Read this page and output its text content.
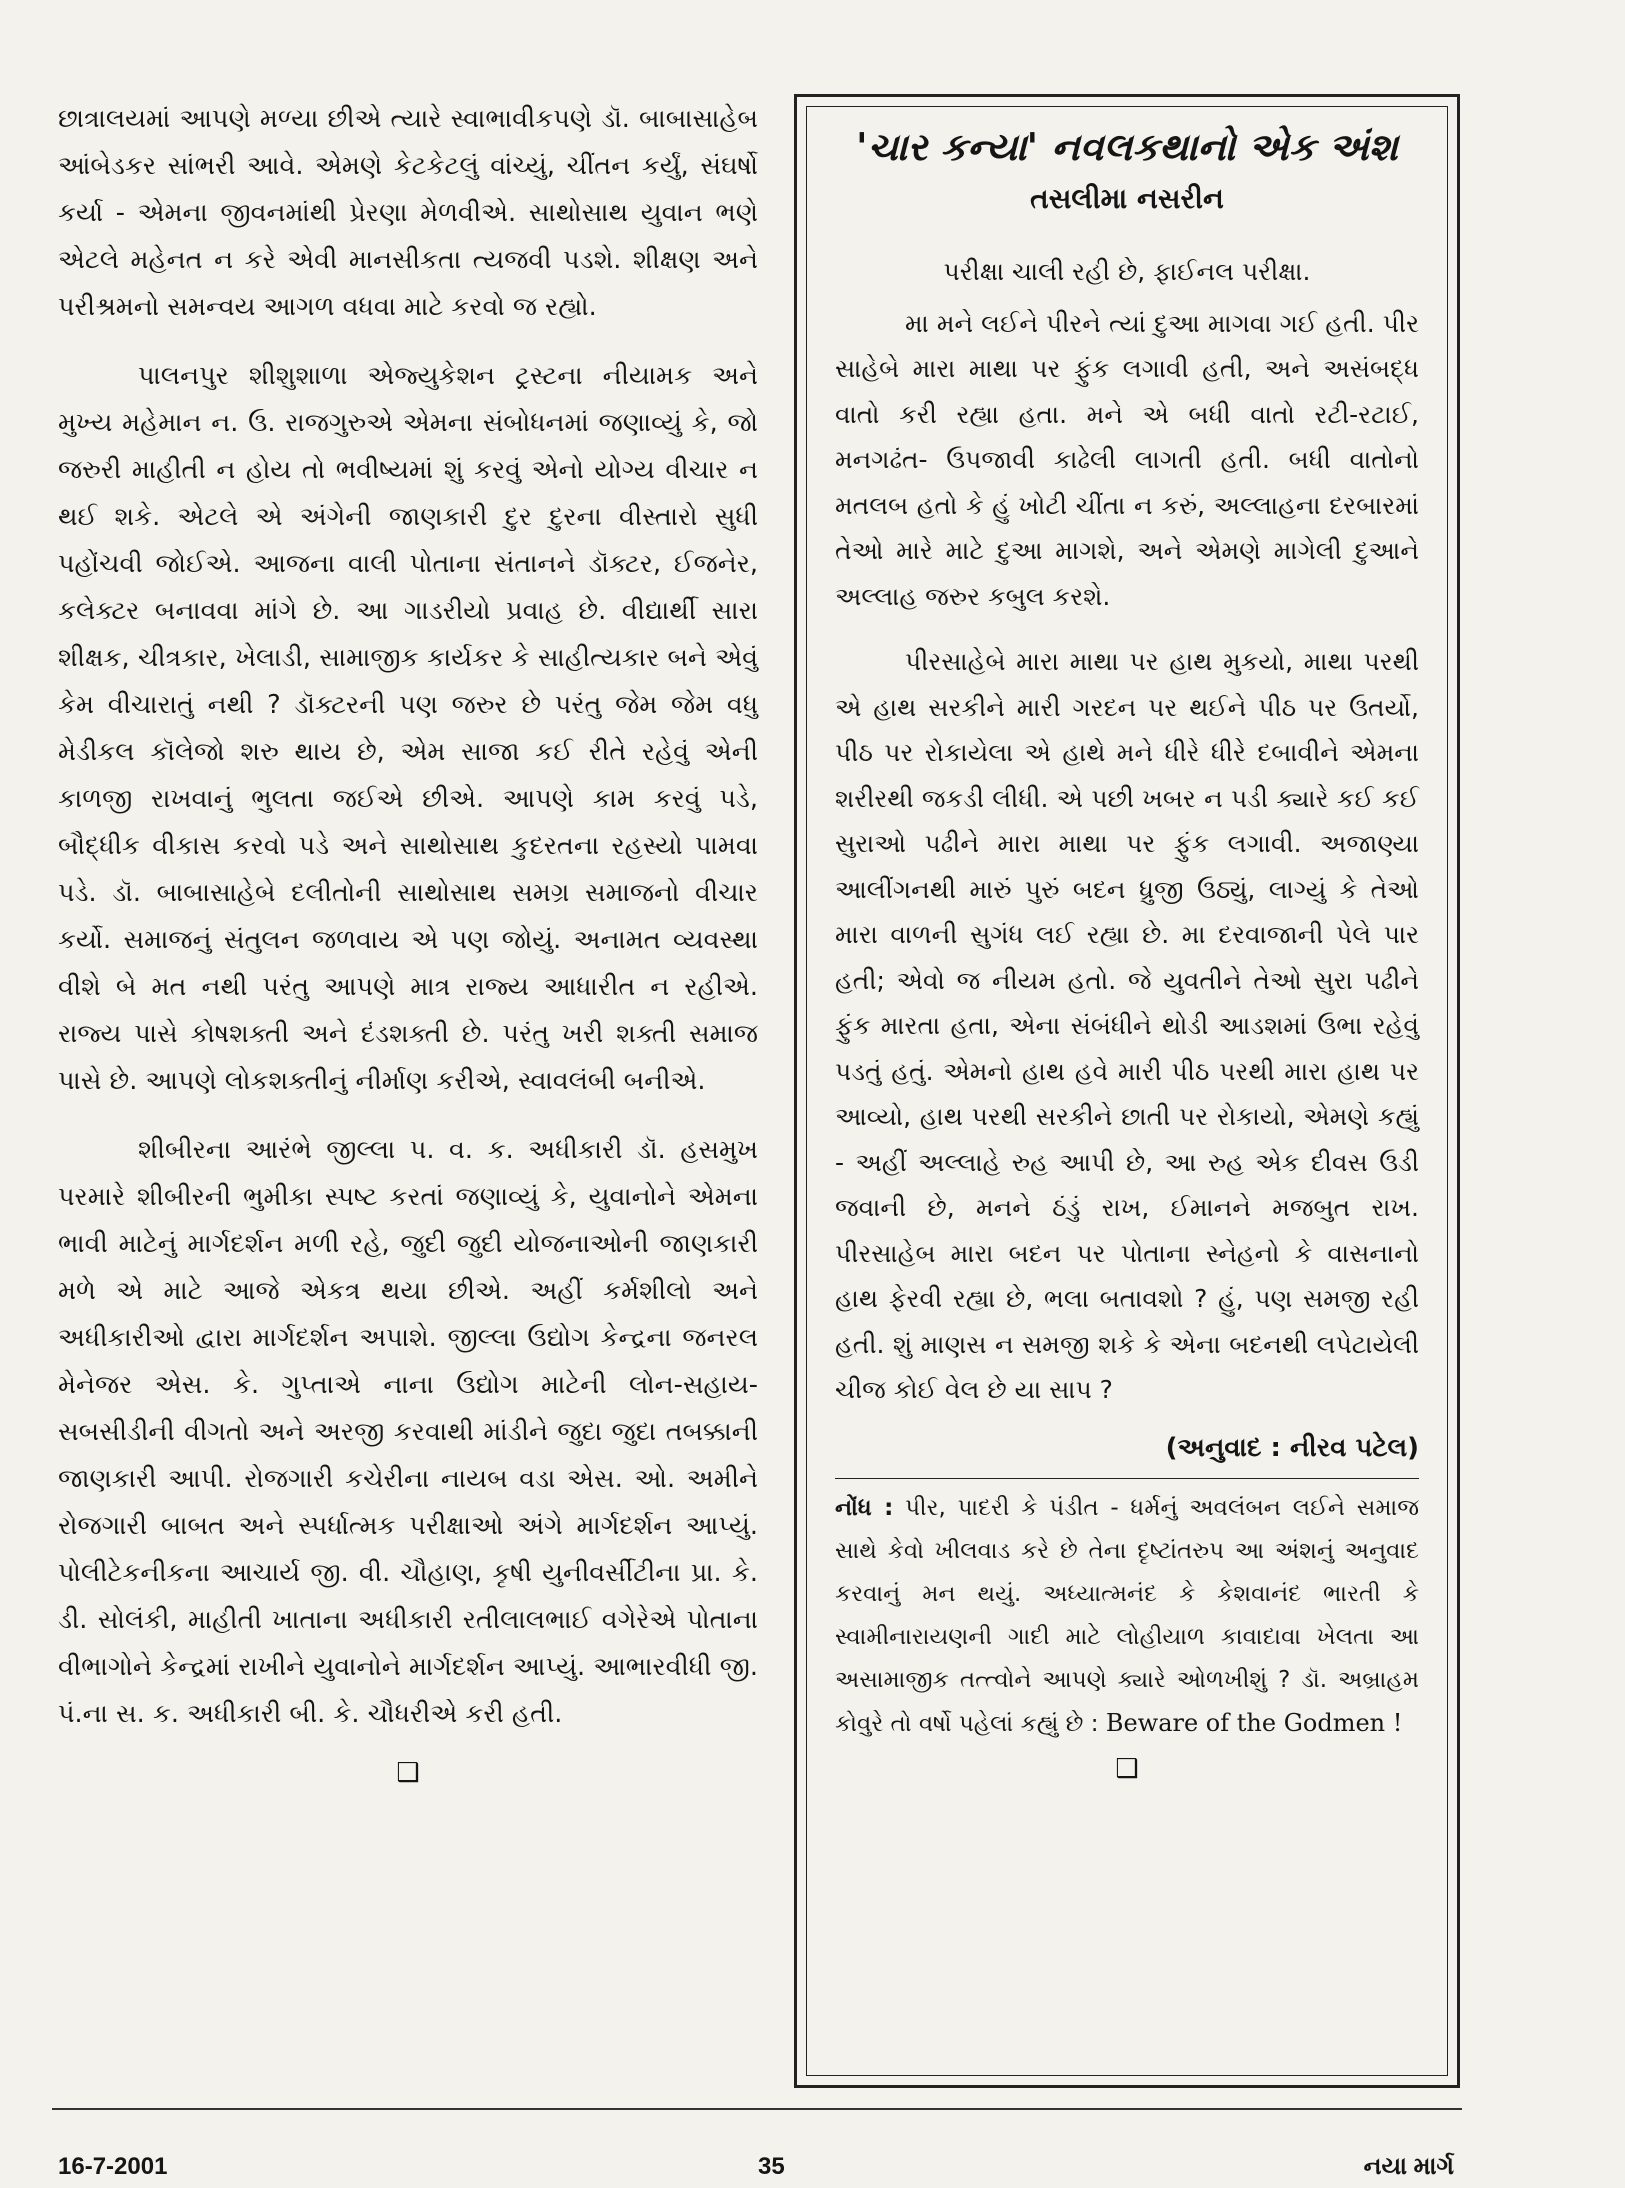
છાત્રાલયમાં આપણે મળ્યા છીએ ત્યારે સ્વાભાવીકપણે ડૉ. બાબાસાહેબ આંબેડકર સાંભરી આવે. એમણે કેટકેટલું વાંચ્યું, ચીંતન કર્યું, સંઘર્ષો કર્યા - એમના જીવનમાંથી પ્રેરણા મેળવીએ. સાથોસાથ યુવાન ભણે એટલે મહેનત ન કરે એવી માનસીકતા ત્યજવી પડશે. શીક્ષણ અને પરીશ્રમનો સમન્વય આગળ વધવા માટે કરવો જ રહ્યો.

પાલનપુર શીશુશાળા એજ્યુકેશન ટ્રસ્ટના નીયામક અને મુખ્ય મહેમાન ન. ઉ. રાજગુરુએ એમના સંબોધનમાં જણાવ્યું કે, જો જરુરી માહીતી ન હોય તો ભવીષ્યમાં શું કરવું એનો યોગ્ય વીચાર ન થઈ શકે. એટલે એ અંગેની જાણકારી દુર દુરના વીસ્તારો સુધી પહોંચવી જોઈએ. આજના વાલી પોતાના સંતાનને ડૉક્ટર, ઈજનેર, કલેક્ટર બનાવવા માંગે છે. આ ગાડરીયો પ્રવાહ છે. વીદ્યાર્થી સારા શીક્ષક, ચીત્રકાર, ખેલાડી, સામાજીક કાર્યકર કે સાહીત્યકાર બને એવું કેમ વીચારાતું નથી ? ડૉક્ટરની પણ જરુર છે પરંતુ જેમ જેમ વધુ મેડીકલ કૉલેજો શરુ થાય છે, એમ સાજા કઈ રીતે રહેવું એની કાળજી રાખવાનું ભુલતા જઈએ છીએ. આપણે કામ કરવું પડે, બૌદ્ધીક વીકાસ કરવો પડે અને સાથોસાથ કુદરતના રહસ્યો પામવા પડે. ડૉ. બાબાસાહેબે દલીતોની સાથોસાથ સમગ્ર સમાજનો વીચાર કર્યો. સમાજનું સંતુલન જળવાય એ પણ જોયું. અનામત વ્યવસ્થા વીશે બે મત નથી પરંતુ આપણે માત્ર રાજ્ય આધારીત ન રહીએ. રાજ્ય પાસે કોષશક્તી અને દંડશક્તી છે. પરંતુ ખરી શક્તી સમાજ પાસે છે. આપણે લોકશક્તીનું નીર્માણ કરીએ, સ્વાવલંબી બનીએ.

શીબીરના આરંભે જીલ્લા પ. વ. ક. અધીકારી ડૉ. હસમુખ પરમારે શીબીરની ભુમીકા સ્પષ્ટ કરતાં જણાવ્યું કે, યુવાનોને એમના ભાવી માટેનું માર્ગદર્શન મળી રહે, જુદી જુદી યોજનાઓની જાણકારી મળે એ માટે આજે એકત્ર થયા છીએ. અહીં કર્મશીલો અને અધીકારીઓ દ્વારા માર્ગદર્શન અપાશે. જીલ્લા ઉદ્યોગ કેન્દ્રના જનરલ મેનેજર એસ. કે. ગુપ્તાએ નાના ઉદ્યોગ માટેની લોન-સહાય-સબસીડીની વીગતો અને અરજી કરવાથી માંડીને જુદા જુદા તબક્કાની જાણકારી આપી. રોજગારી કચેરીના નાયબ વડા એસ. ઓ. અમીને રોજગારી બાબત અને સ્પર્ધાત્મક પરીક્ષાઓ અંગે માર્ગદર્શન આપ્યું. પોલીટેકનીકના આચાર્ય જી. વી. ચૌહાણ, કૃષી યુનીવર્સીટીના પ્રા. કે. ડી. સોલંકી, માહીતી ખાતાના અધીકારી રતીલાલભાઈ વગેરેએ પોતાના વીભાગોને કેન્દ્રમાં રાખીને યુવાનોને માર્ગદર્શન આપ્યું. આભારવીધી જી. પં.ના સ. ક. અધીકારી બી. કે. ચૌધરીએ કરી હતી.

❑
'ચાર કન્યા' નવલકથાનો એક અંશ
તસલીમા નસરીન

પરીક્ષા ચાલી રહી છે, ફાઈનલ પરીક્ષા.

મા મને લઈને પીરને ત્યાં દુઆ માગવા ગઈ હતી. પીર સાહેબે મારા માથા પર ફુંક લગાવી હતી, અને અસંબદ્ધ વાતો કરી રહ્યા હતા. મને એ બધી વાતો રટી-રટાઈ, મનગઢંત- ઉપજાવી કાઢેલી લાગતી હતી. બધી વાતોનો મતલબ હતો કે હું ખોટી ચીંતા ન કરું, અલ્લાહના દરબારમાં તેઓ મારે માટે દુઆ માગશે, અને એમણે માગેલી દુઆને અલ્લાહ જરુર કબુલ કરશે.

પીરસાહેબે મારા માથા પર હાથ મુકયો, માથા પરથી એ હાથ સરકીને મારી ગરદન પર થઈને પીઠ પર ઉતર્યો, પીઠ પર રોકાયેલા એ હાથે મને ધીરે ધીરે દબાવીને એમના શરીરથી જકડી લીધી. એ પછી ખબર ન પડી ક્યારે કઈ કઈ સુરાઓ પઢીને મારા માથા પર ફુંક લગાવી. અજાણ્યા આલીંગનથી મારું પુરું બદન ધ્રુજી ઉઠ્યું, લાગ્યું કે તેઓ મારા વાળની સુગંધ લઈ રહ્યા છે. મા દરવાજાની પેલે પાર હતી; એવો જ નીયમ હતો. જે યુવતીને તેઓ સુરા પઢીને ફુંક મારતા હતા, એના સંબંધીને થોડી આડશમાં ઉભા રહેવું પડતું હતું. એમનો હાથ હવે મારી પીઠ પરથી મારા હાથ પર આવ્યો, હાથ પરથી સરકીને છાતી પર રોકાયો, એમણે કહ્યું - અહીં અલ્લાહે રુહ આપી છે, આ રુહ એક દીવસ ઉડી જવાની છે, મનને ઠંડું રાખ, ઈમાનને મજબુત રાખ. પીરસાહેબ મારા બદન પર પોતાના સ્નેહનો કે વાસનાનો હાથ ફેરવી રહ્યા છે, ભલા બતાવશો ? હું, પણ સમજી રહી હતી. શું માણસ ન સમજી શકે કે એના બદનથી લપેટાયેલી ચીજ કોઈ વેલ છે યા સાપ ?

(અનુવાદ : નીરવ પટેલ)
નોંધ : પીર, પાદરી કે પંડીત - ધર્મનું અવલંબન લઈને સમાજ સાથે કેવો ખીલવાડ કરે છે તેના દૃષ્ટાંતરુપ આ અંશનું અનુવાદ કરવાનું મન થયું. અધ્યાત્મનંદ કે કેશવાનંદ ભારતી કે સ્વામીનારાયણની ગાદી માટે લોહીયાળ કાવાદાવા ખેલતા આ અસામાજીક તત્ત્વોને આપણે ક્યારે ઓળખીશું ? ડૉ. અબ્રાહમ કોવુરે તો વર્ષો પહેલાં કહ્યું છે : Beware of the Godmen !
❑
16-7-2001	35	નયા માર્ગ
